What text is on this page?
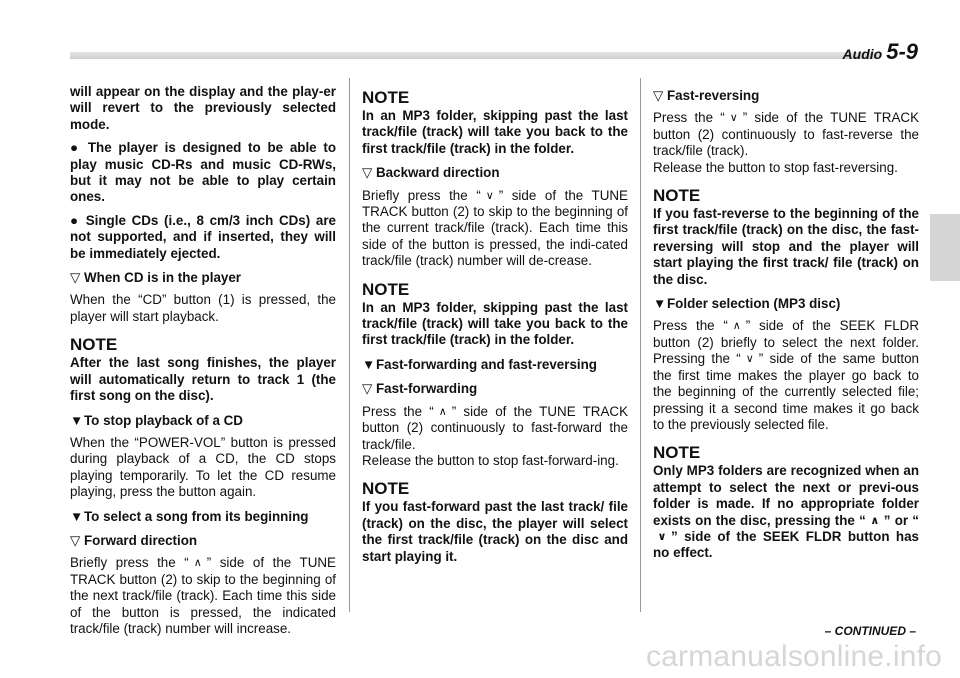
Audio 5-9

will appear on the display and the play-er will revert to the previously selected mode.

● The player is designed to be able to play music CD-Rs and music CD-RWs, but it may not be able to play certain ones.

● Single CDs (i.e., 8 cm/3 inch CDs) are not supported, and if inserted, they will be immediately ejected.

▽ When CD is in the player

When the “CD” button (1) is pressed, the player will start playback.

NOTE

After the last song finishes, the player will automatically return to track 1 (the first song on the disc).

▼To stop playback of a CD

When the “POWER-VOL” button is pressed during playback of a CD, the CD stops playing temporarily. To let the CD resume playing, press the button again.

▼To select a song from its beginning
▽ Forward direction

Briefly press the “ ∧ ” side of the TUNE TRACK button (2) to skip to the beginning of the next track/file (track). Each time this side of the button is pressed, the indicated track/file (track) number will increase.

NOTE

In an MP3 folder, skipping past the last track/file (track) will take you back to the first track/file (track) in the folder.

▽ Backward direction

Briefly press the “ ∨ ” side of the TUNE TRACK button (2) to skip to the beginning of the current track/file (track). Each time this side of the button is pressed, the indi-cated track/file (track) number will de-crease.

NOTE

In an MP3 folder, skipping past the last track/file (track) will take you back to the first track/file (track) in the folder.

▼Fast-forwarding and fast-reversing
▽ Fast-forwarding

Press the “ ∧ ” side of the TUNE TRACK button (2) continuously to fast-forward the track/file.

Release the button to stop fast-forward-ing.

NOTE

If you fast-forward past the last track/ file (track) on the disc, the player will select the first track/file (track) on the disc and start playing it.

▽ Fast-reversing

Press the “ ∨ ” side of the TUNE TRACK button (2) continuously to fast-reverse the track/file (track).

Release the button to stop fast-reversing.

NOTE

If you fast-reverse to the beginning of the first track/file (track) on the disc, the fast-reversing will stop and the player will start playing the first track/ file (track) on the disc.

▼Folder selection (MP3 disc)

Press the “ ∧ ” side of the SEEK FLDR button (2) briefly to select the next folder. Pressing the “ ∨ ” side of the same button the first time makes the player go back to the beginning of the currently selected file; pressing it a second time makes it go back to the previously selected file.

NOTE

Only MP3 folders are recognized when an attempt to select the next or previ-ous folder is made. If no appropriate folder exists on the disc, pressing the “ ∧ ” or “∨ ” side of the SEEK FLDR button has no effect.

– CONTINUED –
carmanualsonline.info
